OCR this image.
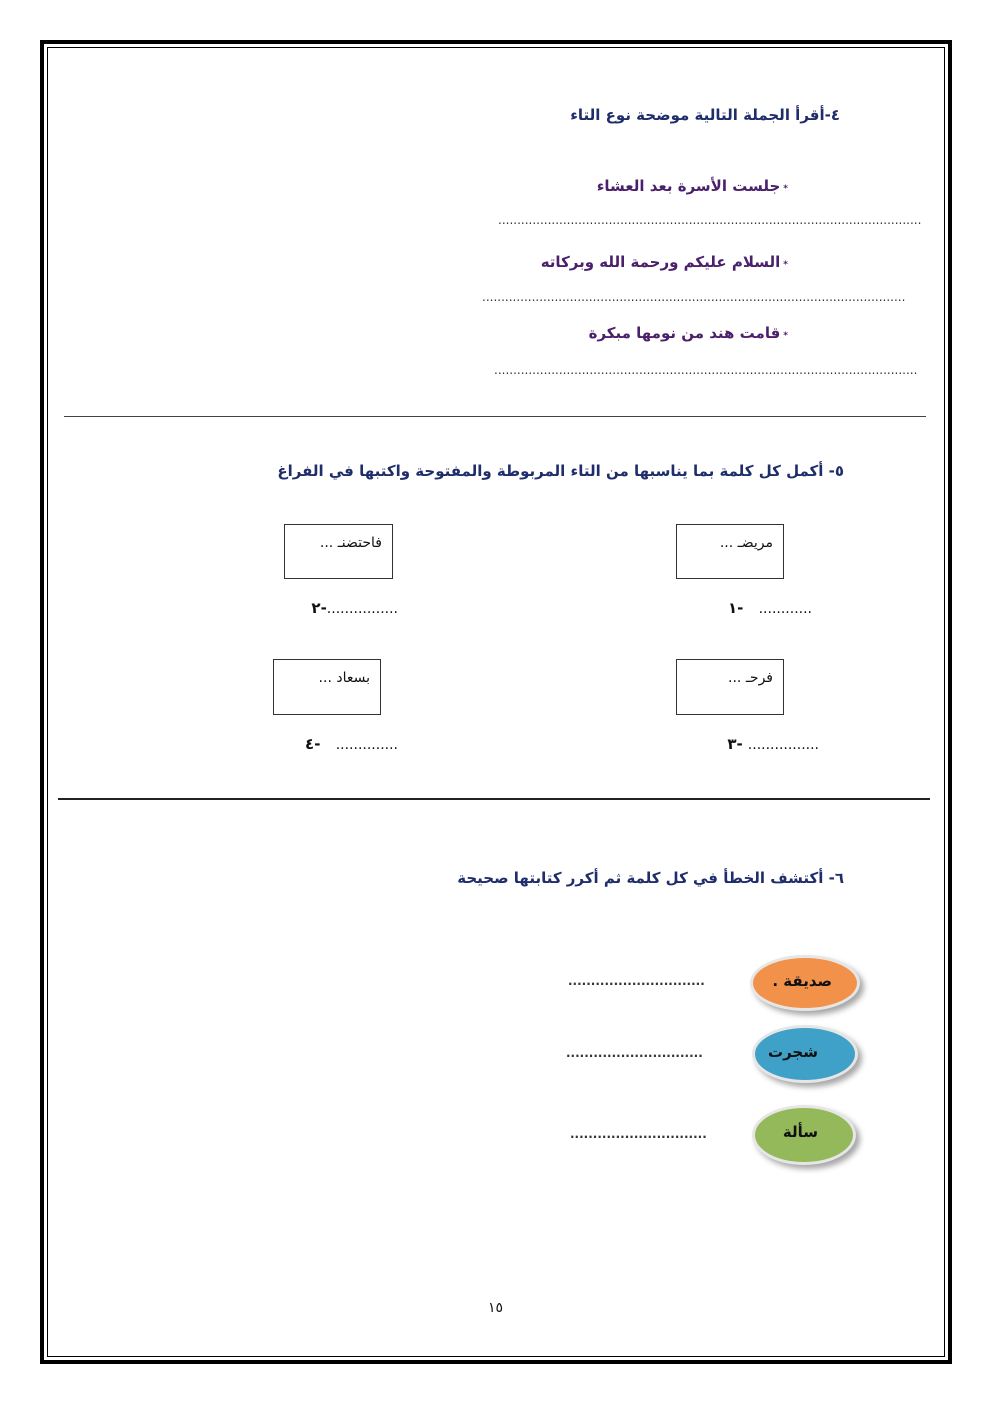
٤-أقرأ الجملة التالية موضحة نوع التاء
*جلست الأسرة بعد العشاء
...............................................................................................................
*السلام عليكم ورحمة الله وبركاته
...............................................................................................................
*قامت هند من نومها مبكرة
...............................................................................................................
٥- أكمل كل كلمة بما يناسبها من التاء المربوطة والمفتوحة واكتبها في الفراغ
مريضـ ...
فاحتضنـ ...
١- ............
٢-................
فرحـ ...
بسعاد ...
٣- ................
٤- ..............
٦- أكتشف الخطأ في كل كلمة ثم أكرر كتابتها صحيحة
صديقة .
..............................
شجرت
..............................
سألة
..............................
١٥
